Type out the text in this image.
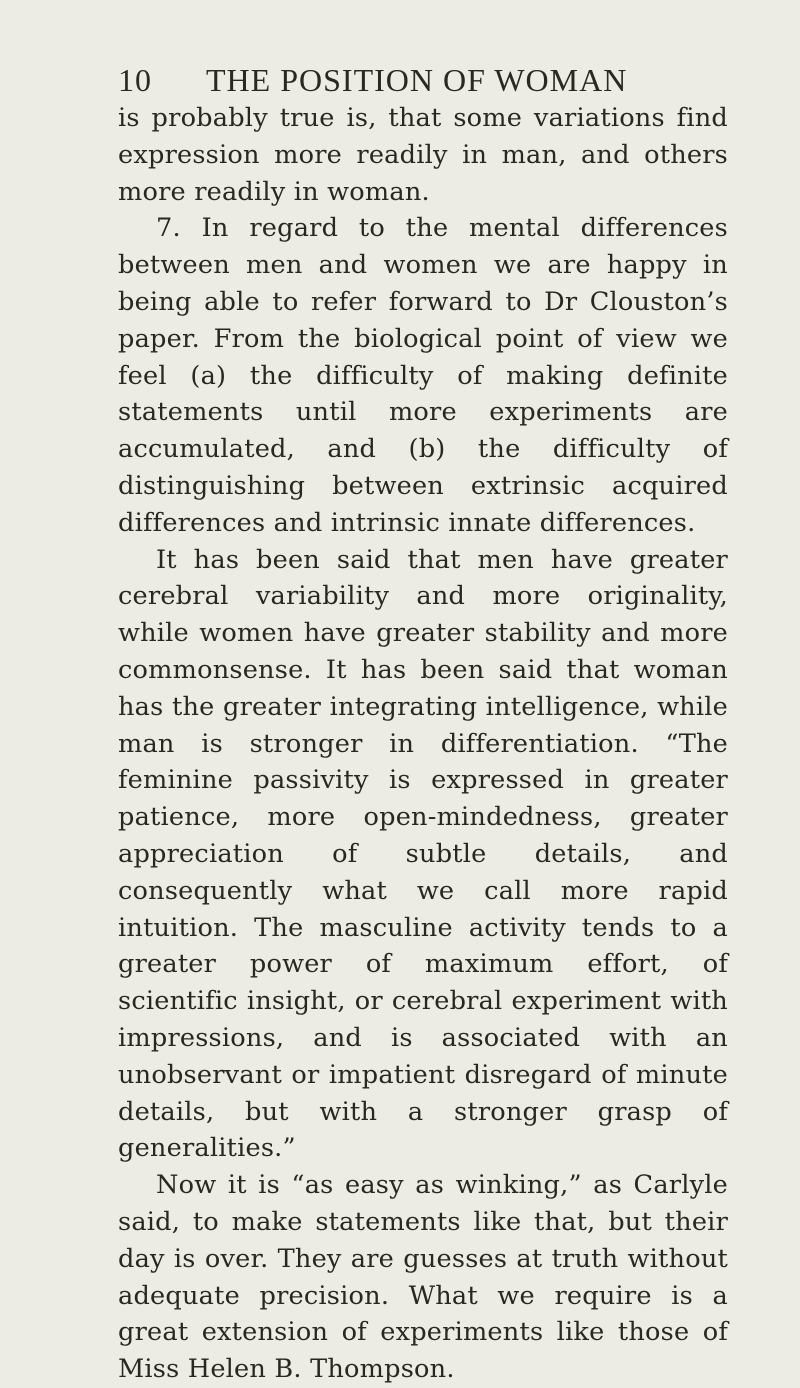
10 THE POSITION OF WOMAN

is probably true is, that some variations find expression more readily in man, and others more readily in woman.

7. In regard to the mental differences between men and women we are happy in being able to refer forward to Dr Clouston’s paper. From the biological point of view we feel (a) the difficulty of making definite statements until more experiments are accumulated, and (b) the difficulty of distinguishing between extrinsic acquired differences and intrinsic innate differences.

It has been said that men have greater cerebral variability and more originality, while women have greater stability and more commonsense. It has been said that woman has the greater integrating intelligence, while man is stronger in differentiation. “The feminine passivity is expressed in greater patience, more open-mindedness, greater appreciation of subtle details, and consequently what we call more rapid intuition. The masculine activity tends to a greater power of maximum effort, of scientific insight, or cerebral experiment with impressions, and is associated with an unobservant or impatient disregard of minute details, but with a stronger grasp of generalities.”

Now it is “as easy as winking,” as Carlyle said, to make statements like that, but their day is over. They are guesses at truth without adequate precision. What we require is a great extension of experiments like those of Miss Helen B. Thompson.
